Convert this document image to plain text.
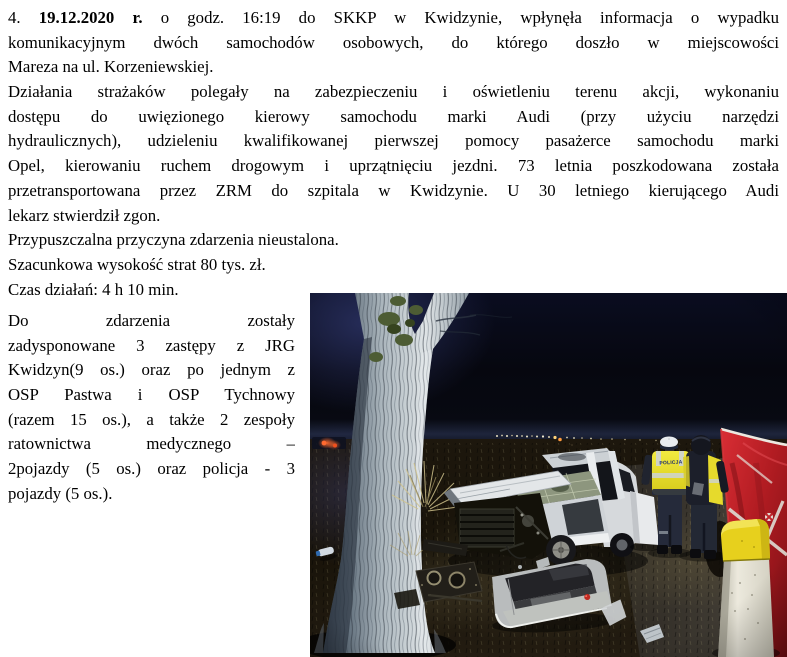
4. 19.12.2020 r. o godz. 16:19 do SKKP w Kwidzynie, wpłynęła informacja o wypadku
komunikacyjnym dwóch samochodów osobowych, do którego doszło w miejscowości
Mareza na ul. Korzeniewskiej.
Działania strażaków polegały na zabezpieczeniu i oświetleniu terenu akcji, wykonaniu
dostępu do uwięzionego kierowy samochodu marki Audi (przy użyciu narzędzi
hydraulicznych), udzieleniu kwalifikowanej pierwszej pomocy pasażerce samochodu marki
Opel, kierowaniu ruchem drogowym i uprzątnięciu jezdni. 73 letnia poszkodowana została
przetransportowana przez ZRM do szpitala w Kwidzynie. U 30 letniego kierującego Audi
lekarz stwierdził zgon.
Przypuszczalna przyczyna zdarzenia nieustalona.
Szacunkowa wysokość strat 80 tys. zł.
Czas działań: 4 h 10 min.
Do zdarzenia zostały
zadysponowane 3 zastępy z JRG
Kwidzyn(9 os.) oraz po jednym z
OSP Pastwa i OSP Tychnowy
(razem 15 os.), a także 2 zespoły
ratownictwa medycznego –
2pojazdy (5 os.) oraz policja - 3
pojazdy (5 os.).
